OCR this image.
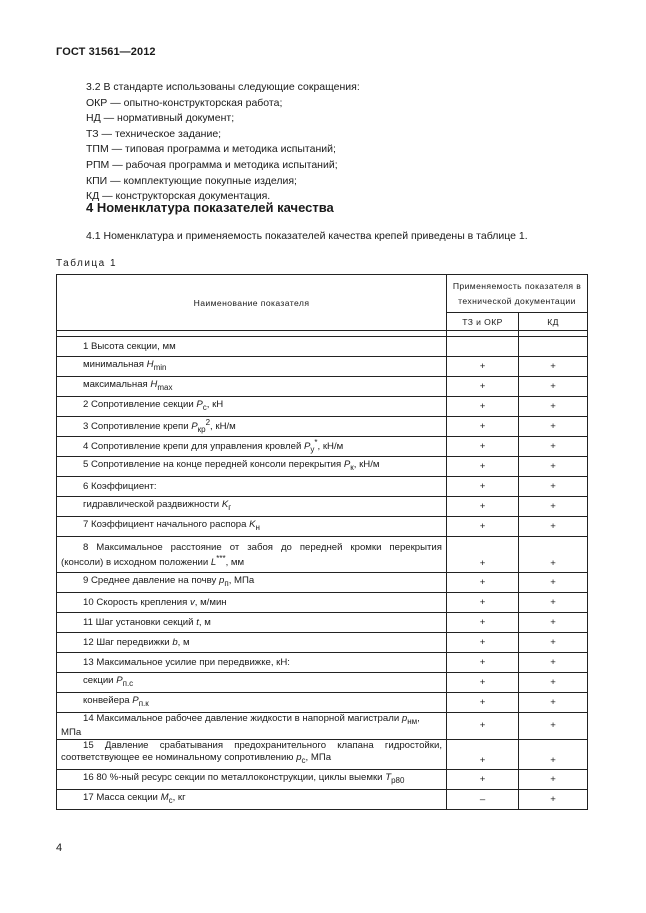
ГОСТ 31561—2012
3.2 В стандарте использованы следующие сокращения:
ОКР — опытно-конструкторская работа;
НД — нормативный документ;
ТЗ — техническое задание;
ТПМ — типовая программа и методика испытаний;
РПМ — рабочая программа и методика испытаний;
КПИ — комплектующие покупные изделия;
КД — конструкторская документация.
4 Номенклатура показателей качества
4.1 Номенклатура и применяемость показателей качества крепей приведены в таблице 1.
Таблица 1
Наименование показателя	Применяемость показателя в технической документации	
	ТЗ и ОКР	КД

1 Высота секции, мм		
минимальная $H_{min}$	+	+
максимальная $H_{max}$	+	+
2 Сопротивление секции $P_c$, кН	+	+
3 Сопротивление крепи $P_{кр}^2$, кН/м	+	+
4 Сопротивление крепи для управления кровлей $P_y^*$, кН/м	+	+
5 Сопротивление на конце передней консоли перекрытия $P_к$, кН/м	+	+
6 Коэффициент:	+	+
гидравлической раздвижности $K_г$	+	+
7 Коэффициент начального распора $K_н$	+	+
8 Максимальное расстояние от забоя до передней кромки перекрытия (консоли) в исходном положении L***, мм	+	+
9 Среднее давление на почву $p_п$, МПа	+	+
10 Скорость крепления v, м/мин	+	+
11 Шаг установки секций t, м	+	+
12 Шаг передвижки b, м	+	+
13 Максимальное усилие при передвижке, кН:	+	+
секции $P_{п.с}$	+	+
конвейера $P_{п.к}$	+	+
14 Максимальное рабочее давление жидкости в напорной магистрали $p_{нм}$, МПа	+	+
15 Давление срабатывания предохранительного клапана гидростойки, соответствующее ее номинальному сопротивлению $p_с$, МПа	+	+
16 80 %-ный ресурс секции по металлоконструкции, циклы выемки $T_{р80}$	+	+
17 Масса секции $M_с$, кг	–	+
4
